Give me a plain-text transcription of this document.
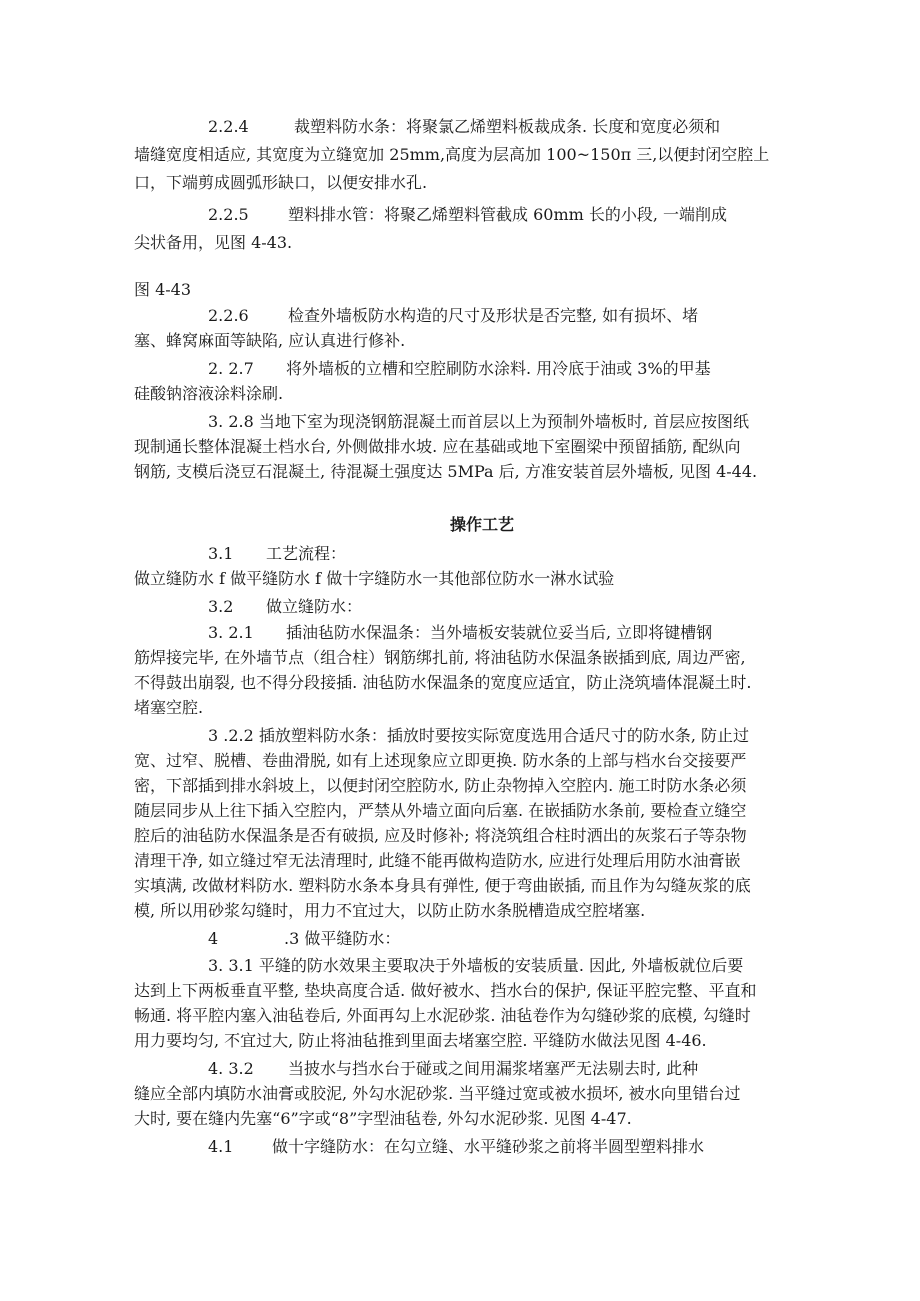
2.2.4	裁塑料防水条：将聚氯乙烯塑料板裁成条. 长度和宽度必须和
墙缝宽度相适应, 其宽度为立缝宽加 25mm,高度为层高加 100~150π 三,以便封闭空腔上
口，下端剪成圆弧形缺口，以便安排水孔.
2.2.5 塑料排水管：将聚乙烯塑料管截成 60mm 长的小段, 一端削成
尖状备用，见图 4-43.
图 4-43
2.2.6 检查外墙板防水构造的尺寸及形状是否完整, 如有损坏、堵
塞、蜂窝麻面等缺陷, 应认真进行修补.
2. 2.7 将外墙板的立槽和空腔刷防水涂料. 用冷底于油或 3%的甲基
硅酸钠溶液涂料涂刷.
3. 2.8 当地下室为现浇钢筋混凝土而首层以上为预制外墙板时, 首层应按图纸
现制通长整体混凝土档水台, 外侧做排水坡. 应在基础或地下室圈梁中预留插筋, 配纵向
钢筋, 支模后浇豆石混凝土, 待混凝土强度达 5MPa 后, 方准安装首层外墙板, 见图 4-44.
操作工艺
3.1 工艺流程：
做立缝防水 f 做平缝防水 f 做十字缝防水一其他部位防水一淋水试验
3.2 做立缝防水：
3. 2.1 插油毡防水保温条：当外墙板安装就位妥当后, 立即将键槽钢
筋焊接完毕, 在外墙节点（组合柱）钢筋绑扎前, 将油毡防水保温条嵌插到底, 周边严密,
不得鼓出崩裂, 也不得分段接插. 油毡防水保温条的宽度应适宜，防止浇筑墙体混凝土时.
堵塞空腔.
3 .2.2 插放塑料防水条：插放时要按实际宽度选用合适尺寸的防水条, 防止过
宽、过窄、脱槽、卷曲滑脱, 如有上述现象应立即更换. 防水条的上部与档水台交接要严
密，下部插到排水斜坡上，以便封闭空腔防水, 防止杂物掉入空腔内. 施工时防水条必须
随层同步从上往下插入空腔内，严禁从外墙立面向后塞. 在嵌插防水条前, 要检查立缝空
腔后的油毡防水保温条是否有破损, 应及时修补; 将浇筑组合柱时洒出的灰浆石子等杂物
清理干净, 如立缝过窄无法清理时, 此缝不能再做构造防水, 应进行处理后用防水油膏嵌
实填满, 改做材料防水. 塑料防水条本身具有弹性, 便于弯曲嵌插, 而且作为勾缝灰浆的底
模, 所以用砂浆勾缝时，用力不宜过大，以防止防水条脱槽造成空腔堵塞.
4	.3 做平缝防水：
3. 3.1 平缝的防水效果主要取决于外墙板的安装质量. 因此, 外墙板就位后要
达到上下两板垂直平整, 垫块高度合适. 做好被水、挡水台的保护, 保证平腔完整、平直和
畅通. 将平腔内塞入油毡卷后, 外面再勾上水泥砂浆. 油毡卷作为勾缝砂浆的底模, 勾缝时
用力要均匀, 不宜过大, 防止将油毡推到里面去堵塞空腔. 平缝防水做法见图 4-46.
4. 3.2 当披水与挡水台于碰或之间用漏浆堵塞严无法剔去时, 此种
缝应全部内填防水油膏或胶泥, 外勾水泥砂浆. 当平缝过宽或被水损坏, 被水向里错台过
大时, 要在缝内先塞“6”字或“8”字型油毡卷, 外勾水泥砂浆. 见图 4-47.
4.1 做十字缝防水：在勾立缝、水平缝砂浆之前将半圆型塑料排水
